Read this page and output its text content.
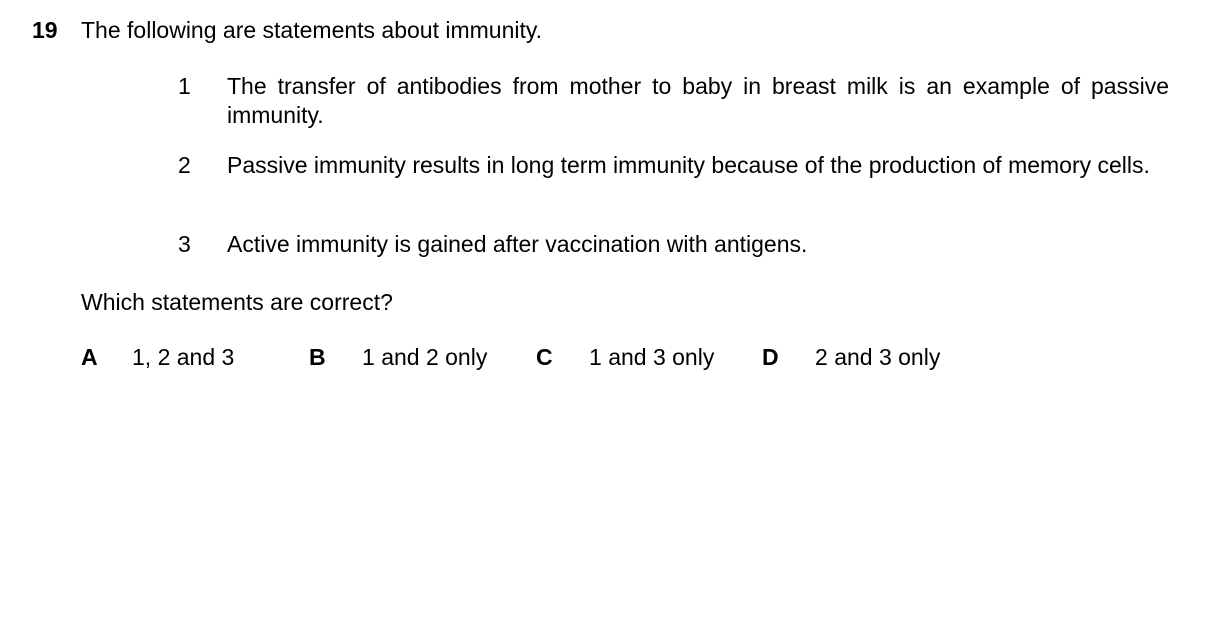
19 The following are statements about immunity.
1 The transfer of antibodies from mother to baby in breast milk is an example of passive immunity.
2 Passive immunity results in long term immunity because of the production of memory cells.
3 Active immunity is gained after vaccination with antigens.
Which statements are correct?
A 1, 2 and 3	B 1 and 2 only C 1 and 3 only D 2 and 3 only
